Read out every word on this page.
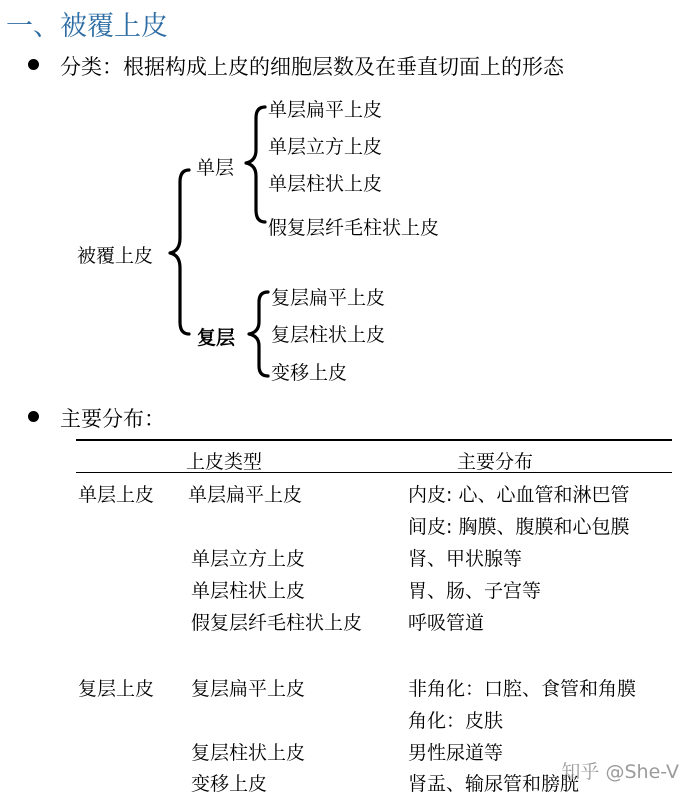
一、被覆上皮
分类：根据构成上皮的细胞层数及在垂直切面上的形态
被覆上皮
单层
复层
单层扁平上皮
单层立方上皮
单层柱状上皮
假复层纤毛柱状上皮
复层扁平上皮
复层柱状上皮
变移上皮
主要分布：
上皮类型	主要分布
单层上皮 单层扁平上皮	内皮: 心、心血管和淋巴管
间皮: 胸膜、腹膜和心包膜
单层立方上皮	肾、甲状腺等
单层柱状上皮	胃、肠、子宫等
假复层纤毛柱状上皮 呼吸管道
复层上皮 复层扁平上皮	非角化：口腔、食管和角膜
角化：皮肤
复层柱状上皮	男性尿道等
变移上皮	肾盂、输尿管和膀胱
知乎 @She-V
